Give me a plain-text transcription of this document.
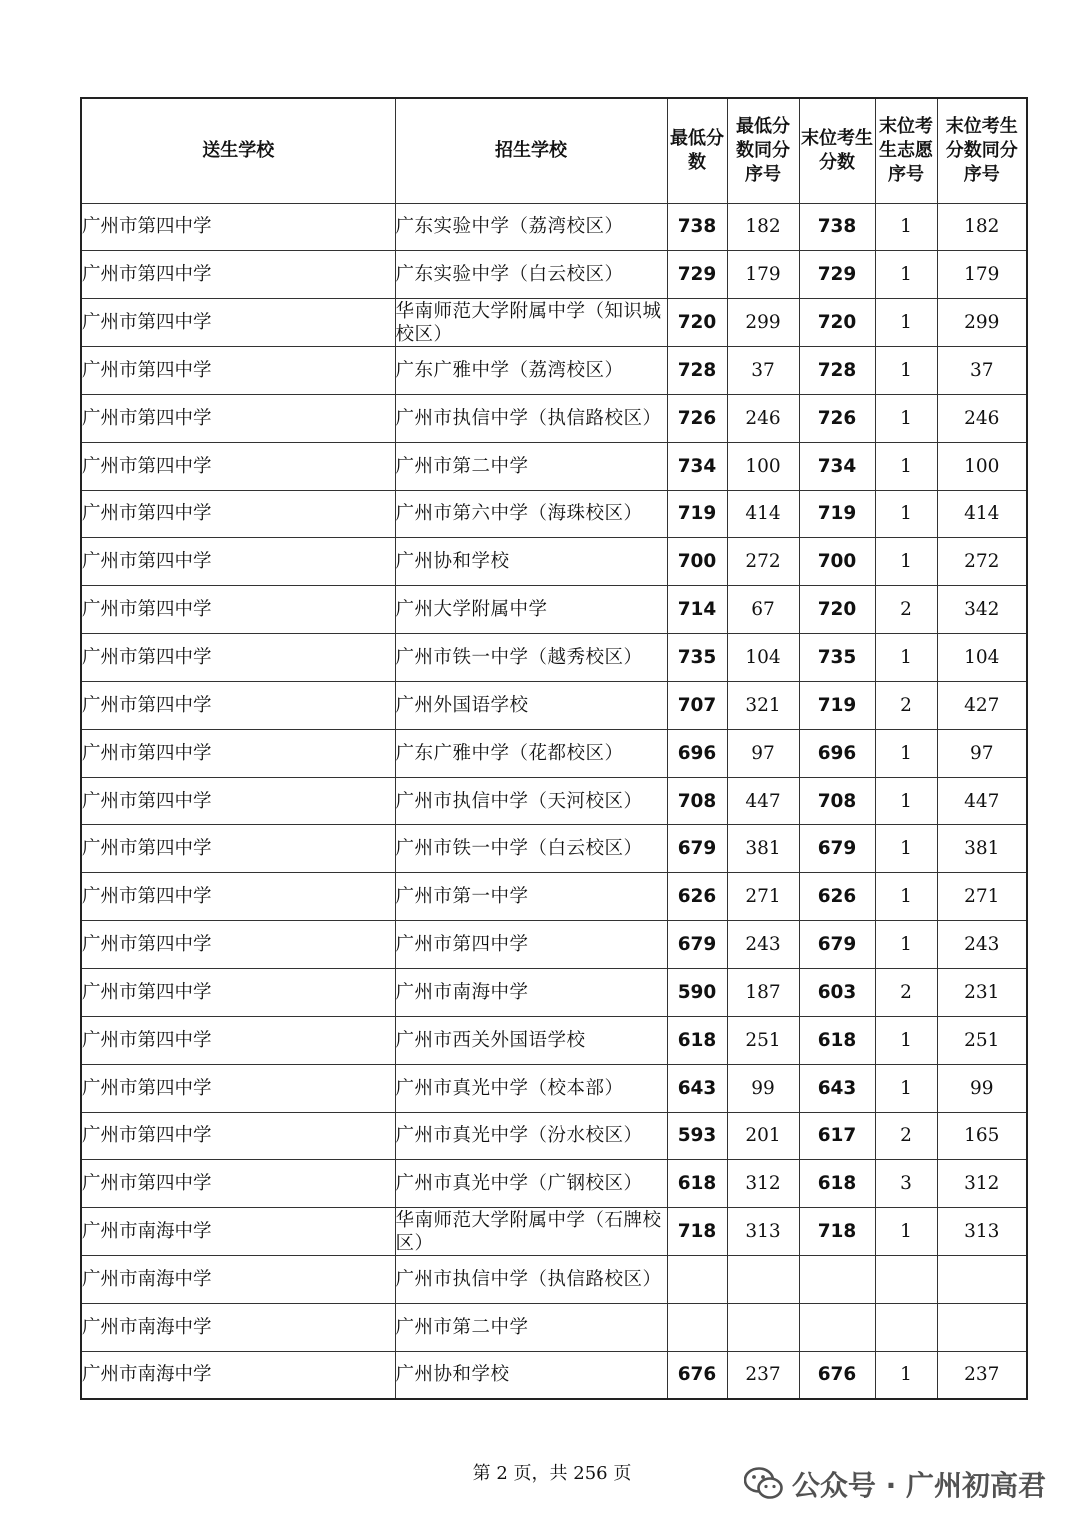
送生学校	招生学校	最低分数	最低分数同分序号	末位考生分数	末位考生志愿序号	末位考生分数同分序号
广州市第四中学	广东实验中学（荔湾校区）	738	182	738	1	182
广州市第四中学	广东实验中学（白云校区）	729	179	729	1	179
广州市第四中学	华南师范大学附属中学（知识城校区）	720	299	720	1	299
广州市第四中学	广东广雅中学（荔湾校区）	728	37	728	1	37
广州市第四中学	广州市执信中学（执信路校区）	726	246	726	1	246
广州市第四中学	广州市第二中学	734	100	734	1	100
广州市第四中学	广州市第六中学（海珠校区）	719	414	719	1	414
广州市第四中学	广州协和学校	700	272	700	1	272
广州市第四中学	广州大学附属中学	714	67	720	2	342
广州市第四中学	广州市铁一中学（越秀校区）	735	104	735	1	104
广州市第四中学	广州外国语学校	707	321	719	2	427
广州市第四中学	广东广雅中学（花都校区）	696	97	696	1	97
广州市第四中学	广州市执信中学（天河校区）	708	447	708	1	447
广州市第四中学	广州市铁一中学（白云校区）	679	381	679	1	381
广州市第四中学	广州市第一中学	626	271	626	1	271
广州市第四中学	广州市第四中学	679	243	679	1	243
广州市第四中学	广州市南海中学	590	187	603	2	231
广州市第四中学	广州市西关外国语学校	618	251	618	1	251
广州市第四中学	广州市真光中学（校本部）	643	99	643	1	99
广州市第四中学	广州市真光中学（汾水校区）	593	201	617	2	165
广州市第四中学	广州市真光中学（广钢校区）	618	312	618	3	312
广州市南海中学	华南师范大学附属中学（石牌校区）	718	313	718	1	313
广州市南海中学	广州市执信中学（执信路校区）					
广州市南海中学	广州市第二中学					
广州市南海中学	广州协和学校	676	237	676	1	237
第 2 页，共 256 页	公众号 · 广州初高君
